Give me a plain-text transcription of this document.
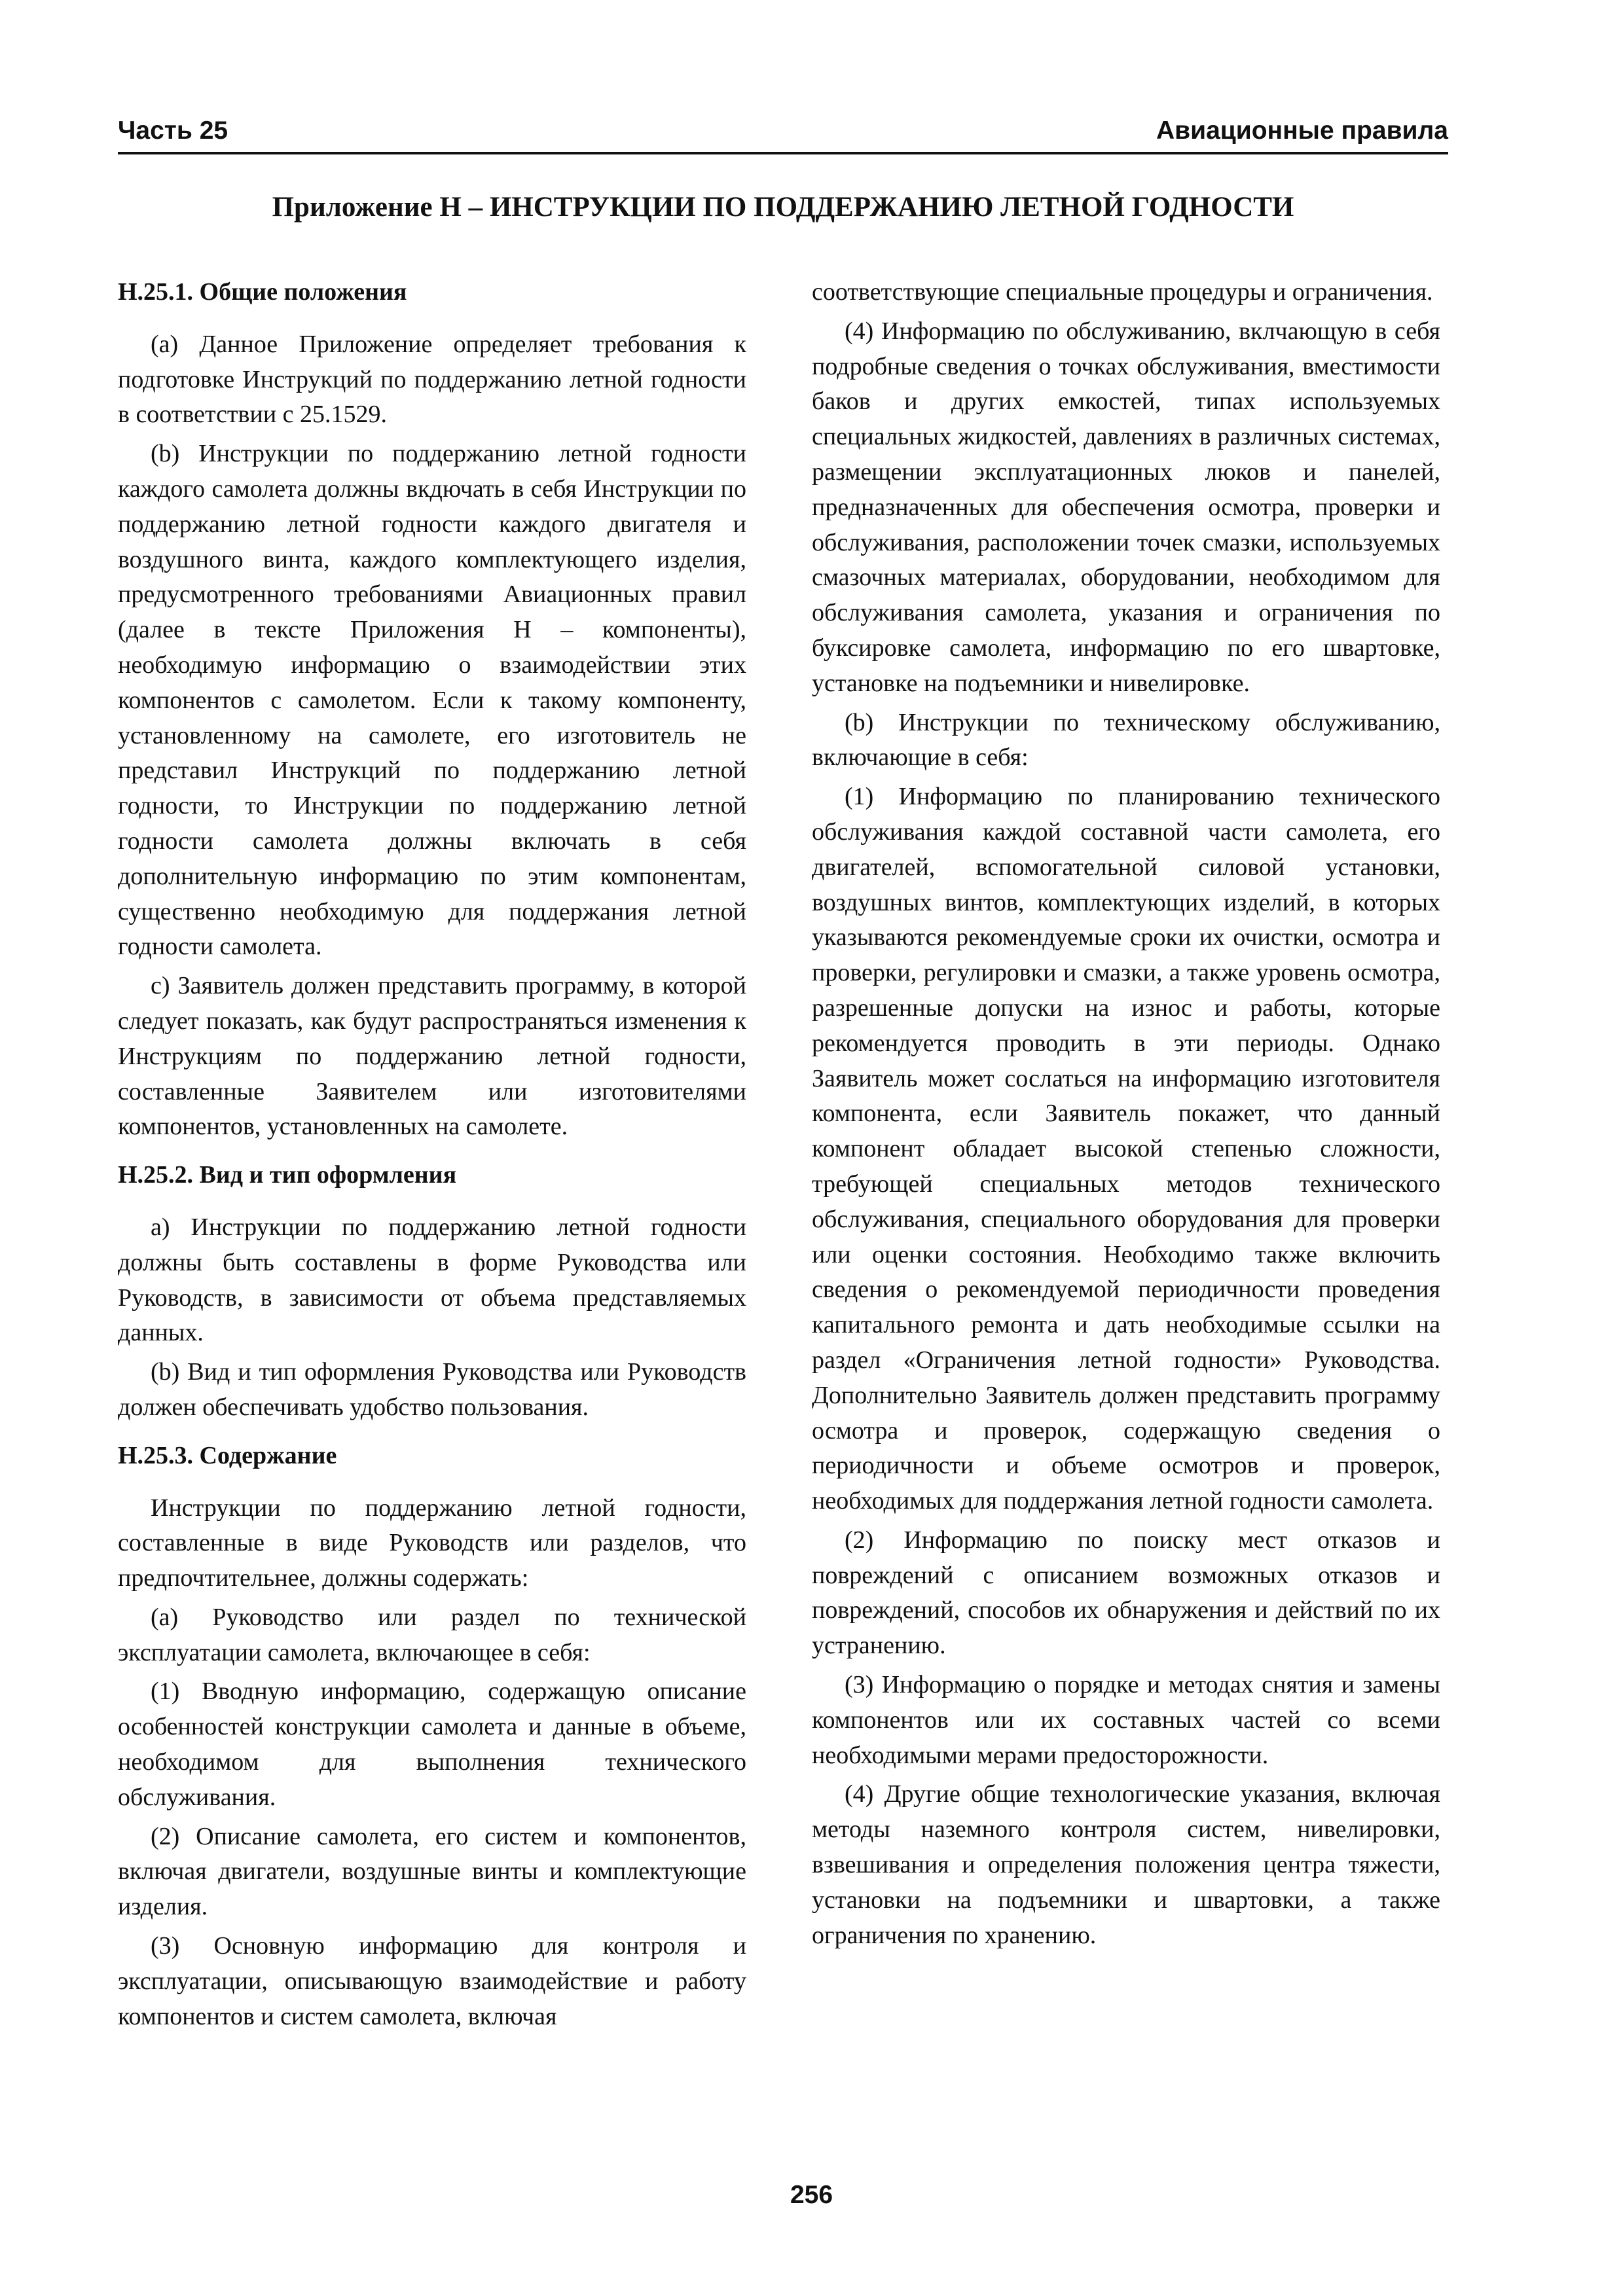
Часть 25	Авиационные правила
Приложение Н – ИНСТРУКЦИИ ПО ПОДДЕРЖАНИЮ ЛЕТНОЙ ГОДНОСТИ
Н.25.1. Общие положения

(a) Данное Приложение определяет требования к подготовке Инструкций по поддержанию летной годности в соответствии с 25.1529.

(b) Инструкции по поддержанию летной годности каждого самолета должны вкдючать в себя Инструкции по поддержанию летной годности каждого двигателя и воздушного винта, каждого комплектующего изделия, предусмотренного требованиями Авиационных правил (далее в тексте Приложения Н – компоненты), необходимую информацию о взаимодействии этих компонентов с самолетом. Если к такому компоненту, установленному на самолете, его изготовитель не представил Инструкций по поддержанию летной годности, то Инструкции по поддержанию летной годности самолета должны включать в себя дополнительную информацию по этим компонентам, существенно необходимую для поддержания летной годности самолета.

с) Заявитель должен представить программу, в которой следует показать, как будут распространяться изменения к Инструкциям по поддержанию летной годности, составленные Заявителем или изготовителями компонентов, установленных на самолете.

Н.25.2. Вид и тип оформления

а) Инструкции по поддержанию летной годности должны быть составлены в форме Руководства или Руководств, в зависимости от объема представляемых данных.

(b) Вид и тип оформления Руководства или Руководств должен обеспечивать удобство пользования.

Н.25.3. Содержание

Инструкции по поддержанию летной годности, составленные в виде Руководств или разделов, что предпочтительнее, должны содержать:

(a) Руководство или раздел по технической эксплуатации самолета, включающее в себя:

(1) Вводную информацию, содержащую описание особенностей конструкции самолета и данные в объеме, необходимом для выполнения технического обслуживания.

(2) Описание самолета, его систем и компонентов, включая двигатели, воздушные винты и комплектующие изделия.

(3) Основную информацию для контроля и эксплуатации, описывающую взаимодействие и работу компонентов и систем самолета, включая

соответствующие специальные процедуры и ограничения.

(4) Информацию по обслуживанию, вклчающую в себя подробные сведения о точках обслуживания, вместимости баков и других емкостей, типах используемых специальных жидкостей, давлениях в различных системах, размещении эксплуатационных люков и панелей, предназначенных для обеспечения осмотра, проверки и обслуживания, расположении точек смазки, используемых смазочных материалах, оборудовании, необходимом для обслуживания самолета, указания и ограничения по буксировке самолета, информацию по его швартовке, установке на подъемники и нивелировке.

(b) Инструкции по техническому обслуживанию, включающие в себя:

(1) Информацию по планированию технического обслуживания каждой составной части самолета, его двигателей, вспомогательной силовой установки, воздушных винтов, комплектующих изделий, в которых указываются рекомендуемые сроки их очистки, осмотра и проверки, регулировки и смазки, а также уровень осмотра, разрешенные допуски на износ и работы, которые рекомендуется проводить в эти периоды. Однако Заявитель может сослаться на информацию изготовителя компонента, если Заявитель покажет, что данный компонент обладает высокой степенью сложности, требующей специальных методов технического обслуживания, специального оборудования для проверки или оценки состояния. Необходимо также включить сведения о рекомендуемой периодичности проведения капитального ремонта и дать необходимые ссылки на раздел «Ограничения летной годности» Руководства. Дополнительно Заявитель должен представить программу осмотра и проверок, содержащую сведения о периодичности и объеме осмотров и проверок, необходимых для поддержания летной годности самолета.

(2) Информацию по поиску мест отказов и повреждений с описанием возможных отказов и повреждений, способов их обнаружения и действий по их устранению.

(3) Информацию о порядке и методах снятия и замены компонентов или их составных частей со всеми необходимыми мерами предосторожности.

(4) Другие общие технологические указания, включая методы наземного контроля систем, нивелировки, взвешивания и определения положения центра тяжести, установки на подъемники и швартовки, а также ограничения по хранению.

256
